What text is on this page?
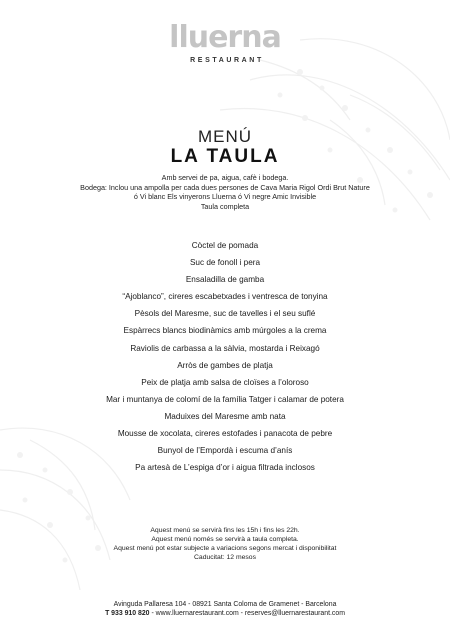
lluerna
RESTAURANT
MENÚ
LA TAULA
Amb servei de pa, aigua, cafè i bodega.
Bodega: Inclou una ampolla per cada dues persones de Cava Maria Rigol Ordi Brut Nature
ó Vi blanc Els vinyerons Lluerna ó Vi negre Amic Invisible
Taula completa
Còctel de pomada
Suc de fonoll i pera
Ensaladilla de gamba
“Ajoblanco”, cireres escabetxades i ventresca de tonyina
Pèsols del Maresme, suc de tavelles i el seu suflé
Espàrrecs blancs biodinàmics amb múrgoles a la crema
Raviolis de carbassa a la sàlvia, mostarda i Reixagó
Arròs de gambes de platja
Peix de platja amb salsa de cloïses a l’oloroso
Mar i muntanya de colomí de la família Tatger i calamar de potera
Maduixes del Maresme amb nata
Mousse de xocolata, cireres estofades i panacota de pebre
Bunyol de l’Empordà i escuma d’anís
Pa artesà de L’espiga d’or i aigua filtrada inclosos
Aquest menú se servirà fins les 15h i fins les 22h.
Aquest menú només se servirà a taula completa.
Aquest menú pot estar subjecte a variacions segons mercat i disponibilitat
Caducitat: 12 mesos
Avinguda Pallaresa 104 - 08921 Santa Coloma de Gramenet - Barcelona
T 933 910 820 - www.lluernarestaurant.com - reserves@lluernarestaurant.com
